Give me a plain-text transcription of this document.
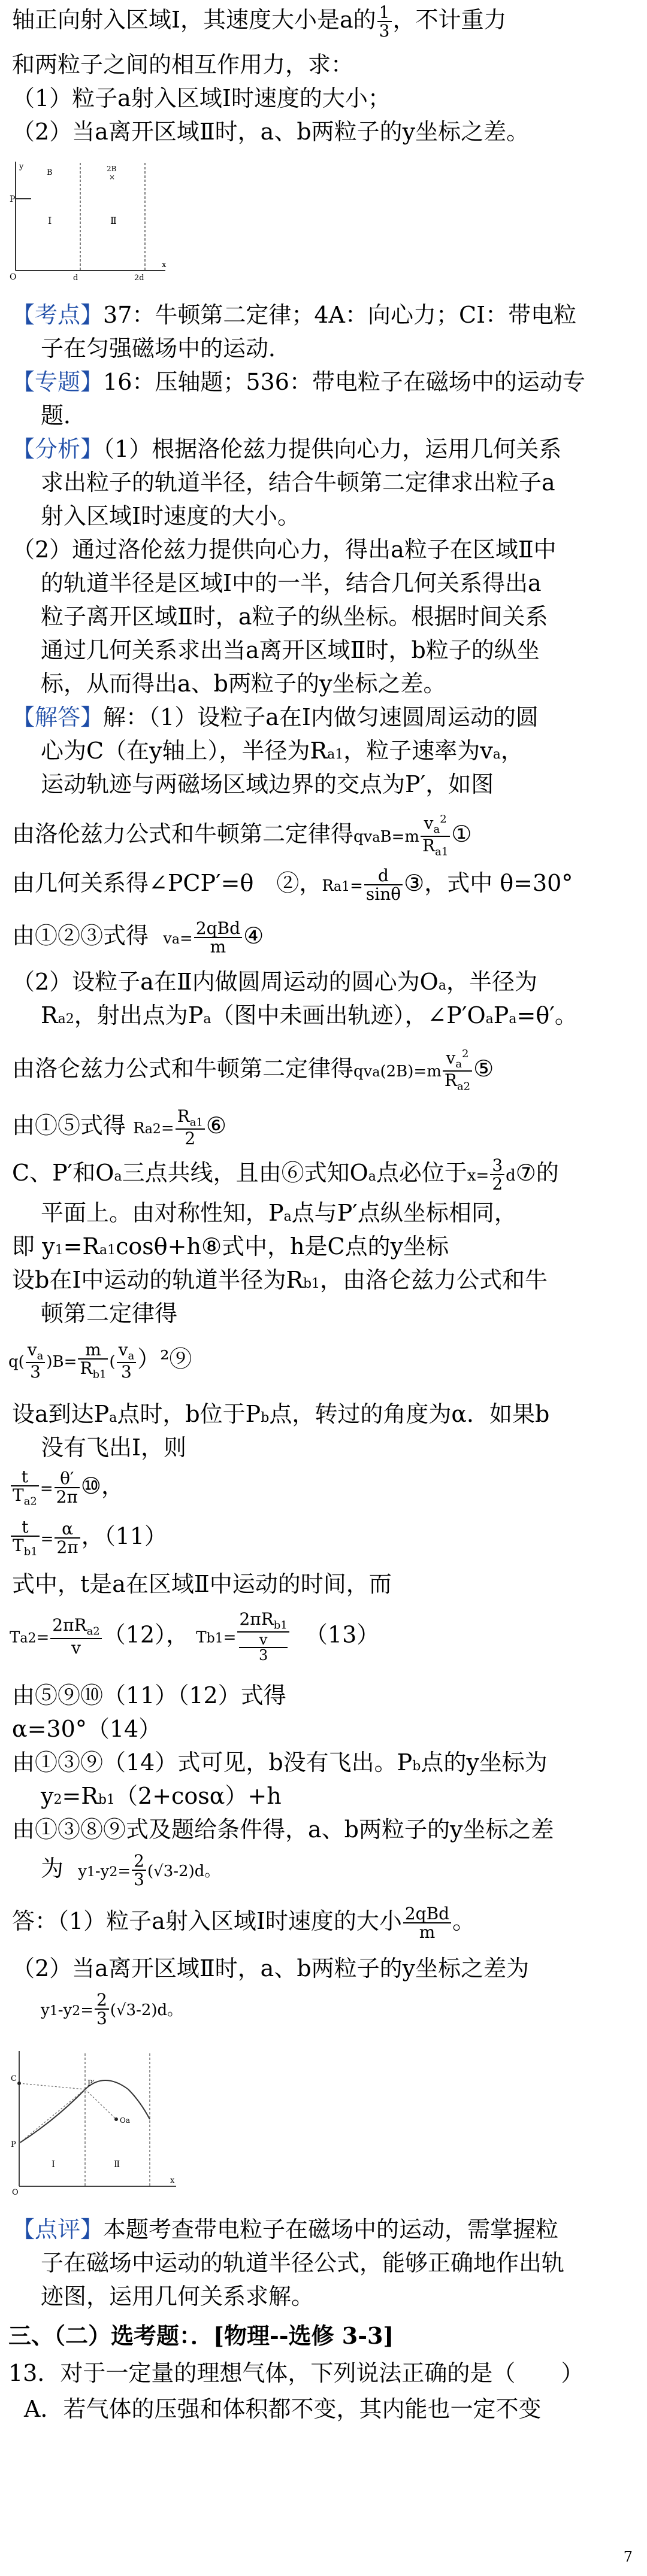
轴正向射入区域Ⅰ，其速度大小是a的 $\frac{1}{3}$ ，不计重力
和两粒子之间的相互作用力，求：
（1）粒子a射入区域Ⅰ时速度的大小；
（2）当a离开区域Ⅱ时，a、b两粒子的y坐标之差。
P
Ⅰ	Ⅱ
B	2B
×
O	d	2d
x
y
【考点】37：牛顿第二定律；4A：向心力；CI：带电粒
子在匀强磁场中的运动．
【专题】16：压轴题；536：带电粒子在磁场中的运动专
题．
【分析】（1）根据洛伦兹力提供向心力，运用几何关系
求出粒子的轨道半径，结合牛顿第二定律求出粒子a
射入区域Ⅰ时速度的大小。
（2）通过洛伦兹力提供向心力，得出a粒子在区域Ⅱ中
的轨道半径是区域Ⅰ中的一半，结合几何关系得出a
粒子离开区域Ⅱ时，a粒子的纵坐标。根据时间关系
通过几何关系求出当a离开区域Ⅱ时，b粒子的纵坐
标，从而得出a、b两粒子的y坐标之差。
【解答】解：（1）设粒子a在Ⅰ内做匀速圆周运动的圆
心为C（在y轴上），半径为Ra1，粒子速率为va，
运动轨迹与两磁场区域边界的交点为P′，如图
由洛伦兹力公式和牛顿第二定律得qvaB=m $\frac{v_a^2}{R_{a1}}$ ①
由几何关系得∠PCP′=θ　②，$Ra1= \frac{d}{\sin\theta}$ ③，式中 θ=30°
由①②③式得 $va= \frac{\text{2qBd}}{m}$ ④
（2）设粒子a在Ⅱ内做圆周运动的圆心为Oa，半径为
Ra2，射出点为Pa（图中未画出轨迹），∠P′OaPa=θ′。
由洛仑兹力公式和牛顿第二定律得$qva(2B)=m \frac{v_a^2}{R_{a2}}$ ⑤
由①⑤式得 $Ra2= \frac{R_{a1}}{2}$ ⑥
C、P′和Oa三点共线，且由⑥式知Oa点必位于$x= \frac{3}{2}$ d⑦的
平面上。由对称性知，Pa点与P′点纵坐标相同，
即 y1=Ra1cosθ+h⑧式中，h是C点的y坐标
设b在Ⅰ中运动的轨道半径为Rb1，由洛仑兹力公式和牛
顿第二定律得
$q( \frac{v_a}{3} )B= \frac{m}{R_{b1}}$ ( $\frac{v_a}{3}$ ）²⑨
设a到达Pa点时，b位于Pb点，转过的角度为α．如果b
没有飞出Ⅰ，则
$\frac{t}{T_{a2}} = \frac{\theta'}{2\pi}$ ⑩，
$\frac{t}{T_{b1}} = \frac{\alpha}{2\pi}$ ，（11）
式中，t是a在区域Ⅱ中运动的时间，而
$Ta2= \frac{2\pi R_{a2}}{v} (12)$， $Tb1= 2\pi R_{b1}$
v
3 （13）
由⑤⑨⑩（11）（12）式得
α=30°（14）
由①③⑨（14）式可见，b没有飞出。Pb点的y坐标为
y2=Rb1（2+cosα）+h
由①③⑧⑨式及题给条件得，a、b两粒子的y坐标之差
为 $y1-y2= \frac{2}{3} (√3-2)d$。
答：（1）粒子a射入区域Ⅰ时速度的大小 $\frac{\text{2qBd}}{m}$ 。
（2）当a离开区域Ⅱ时，a、b两粒子的y坐标之差为
$y1-y2= \frac{2}{3} (√3-2)d$。
C
P
P′
Oa
Ⅰ	Ⅱ
O
x
【点评】本题考查带电粒子在磁场中的运动，需掌握粒
子在磁场中运动的轨道半径公式，能够正确地作出轨
迹图，运用几何关系求解。
三、（二）选考题：．[物理--选修 3-3]
13．对于一定量的理想气体，下列说法正确的是（　　）
A．若气体的压强和体积都不变，其内能也一定不变
7
